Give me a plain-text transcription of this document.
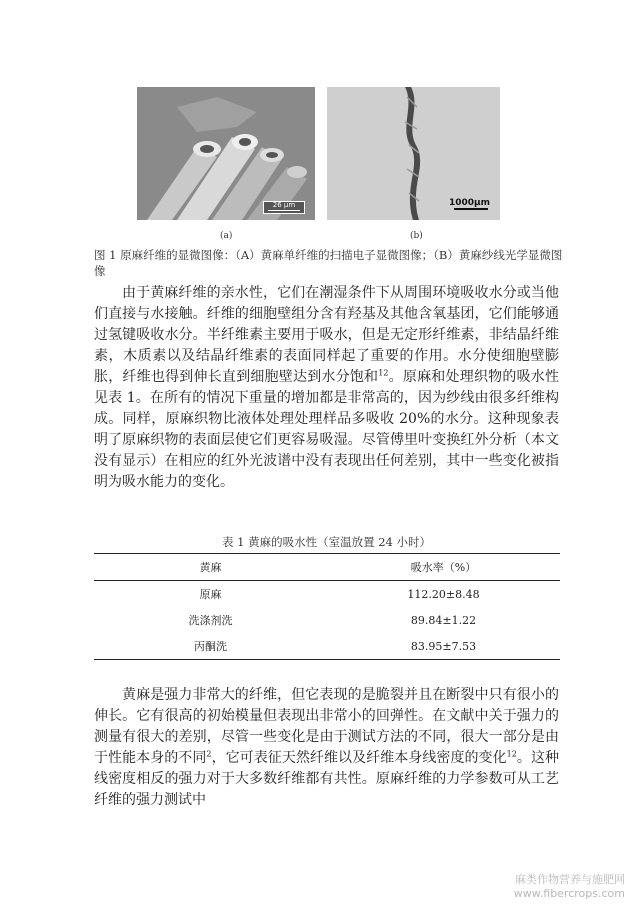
26 µm	1000μm
(a)	(b)
图 1 原麻纤维的显微图像：（A）黄麻单纤维的扫描电子显微图像；（B）黄麻纱线光学显微图像

由于黄麻纤维的亲水性，它们在潮湿条件下从周围环境吸收水分或当他们直接与水接触。纤维的细胞壁组分含有羟基及其他含氧基团，它们能够通过氢键吸收水分。半纤维素主要用于吸水，但是无定形纤维素，非结晶纤维素，木质素以及结晶纤维素的表面同样起了重要的作用。水分使细胞壁膨胀，纤维也得到伸长直到细胞壁达到水分饱和$^{12}$。原麻和处理织物的吸水性见表 1。在所有的情况下重量的增加都是非常高的，因为纱线由很多纤维构成。同样，原麻织物比液体处理处理样品多吸收 20%的水分。这种现象表明了原麻织物的表面层使它们更容易吸湿。尽管傅里叶变换红外分析（本文没有显示）在相应的红外光波谱中没有表现出任何差别，其中一些变化被指明为吸水能力的变化。

表 1 黄麻的吸水性（室温放置 24 小时）
黄麻	吸水率（%）
原麻	112.20±8.48
洗涤剂洗	89.84±1.22
丙酮洗	83.95±7.53

黄麻是强力非常大的纤维，但它表现的是脆裂并且在断裂中只有很小的伸长。它有很高的初始模量但表现出非常小的回弹性。在文献中关于强力的测量有很大的差别，尽管一些变化是由于测试方法的不同，很大一部分是由于性能本身的不同$^2$，它可表征天然纤维以及纤维本身线密度的变化$^{12}$。这种线密度相反的强力对于大多数纤维都有共性。原麻纤维的力学参数可从工艺纤维的强力测试中

麻类作物营养与施肥网
www.fibercrops.com
